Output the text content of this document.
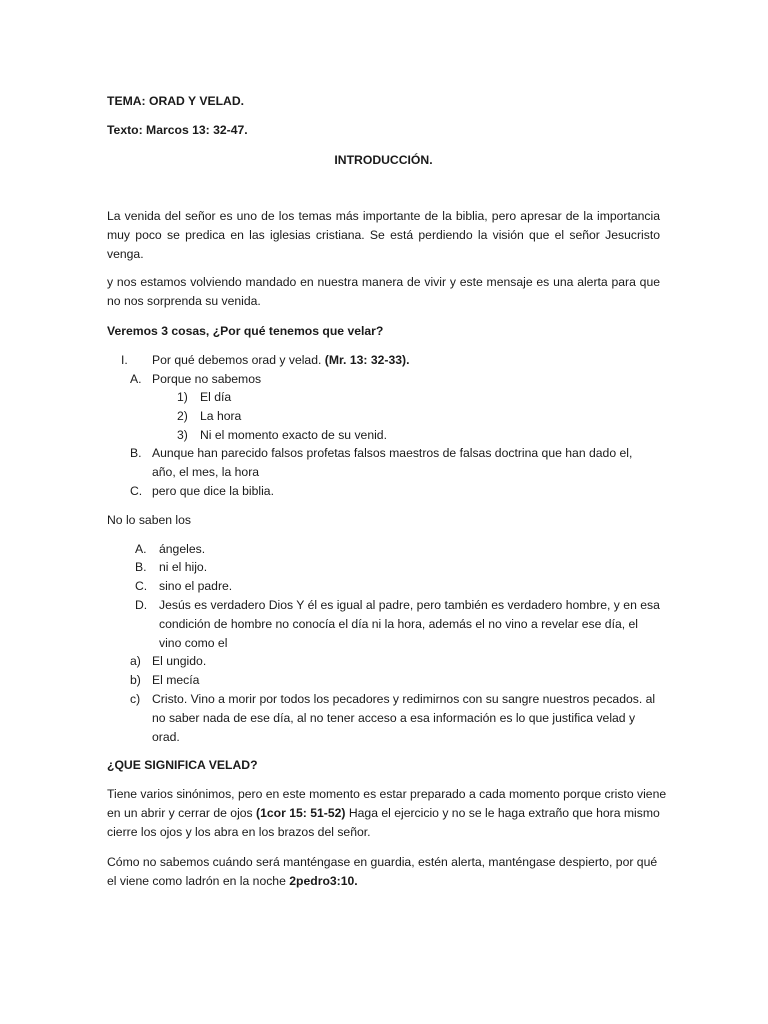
TEMA: ORAD Y VELAD.

Texto: Marcos 13: 32-47.

INTRODUCCIÓN.

La venida del señor es uno de los temas más importante de la biblia, pero apresar de la importancia muy poco se predica en las iglesias cristiana. Se está perdiendo la visión que el señor Jesucristo venga.

y nos estamos volviendo mandado en nuestra manera de vivir y este mensaje es una alerta para que no nos sorprenda su venida.

Veremos 3 cosas, ¿Por qué tenemos que velar?

I. Por qué debemos orad y velad. (Mr. 13: 32-33).
A. Porque no sabemos
1) El día
2) La hora
3) Ni el momento exacto de su venid.
B. Aunque han parecido falsos profetas falsos maestros de falsas doctrina que han dado el, año, el mes, la hora
C. pero que dice la biblia.

No lo saben los

A. ángeles.
B. ni el hijo.
C. sino el padre.
D. Jesús es verdadero Dios Y él es igual al padre, pero también es verdadero hombre, y en esa condición de hombre no conocía el día ni la hora, además el no vino a revelar ese día, el vino como el
a) El ungido.
b) El mecía
c) Cristo. Vino a morir por todos los pecadores y redimirnos con su sangre nuestros pecados. al no saber nada de ese día, al no tener acceso a esa información es lo que justifica velad y orad.

¿QUE SIGNIFICA VELAD?

Tiene varios sinónimos, pero en este momento es estar preparado a cada momento porque cristo viene en un abrir y cerrar de ojos (1cor 15: 51-52) Haga el ejercicio y no se le haga extraño que hora mismo cierre los ojos y los abra en los brazos del señor.

Cómo no sabemos cuándo será manténgase en guardia, estén alerta, manténgase despierto, por qué el viene como ladrón en la noche 2pedro3:10.
